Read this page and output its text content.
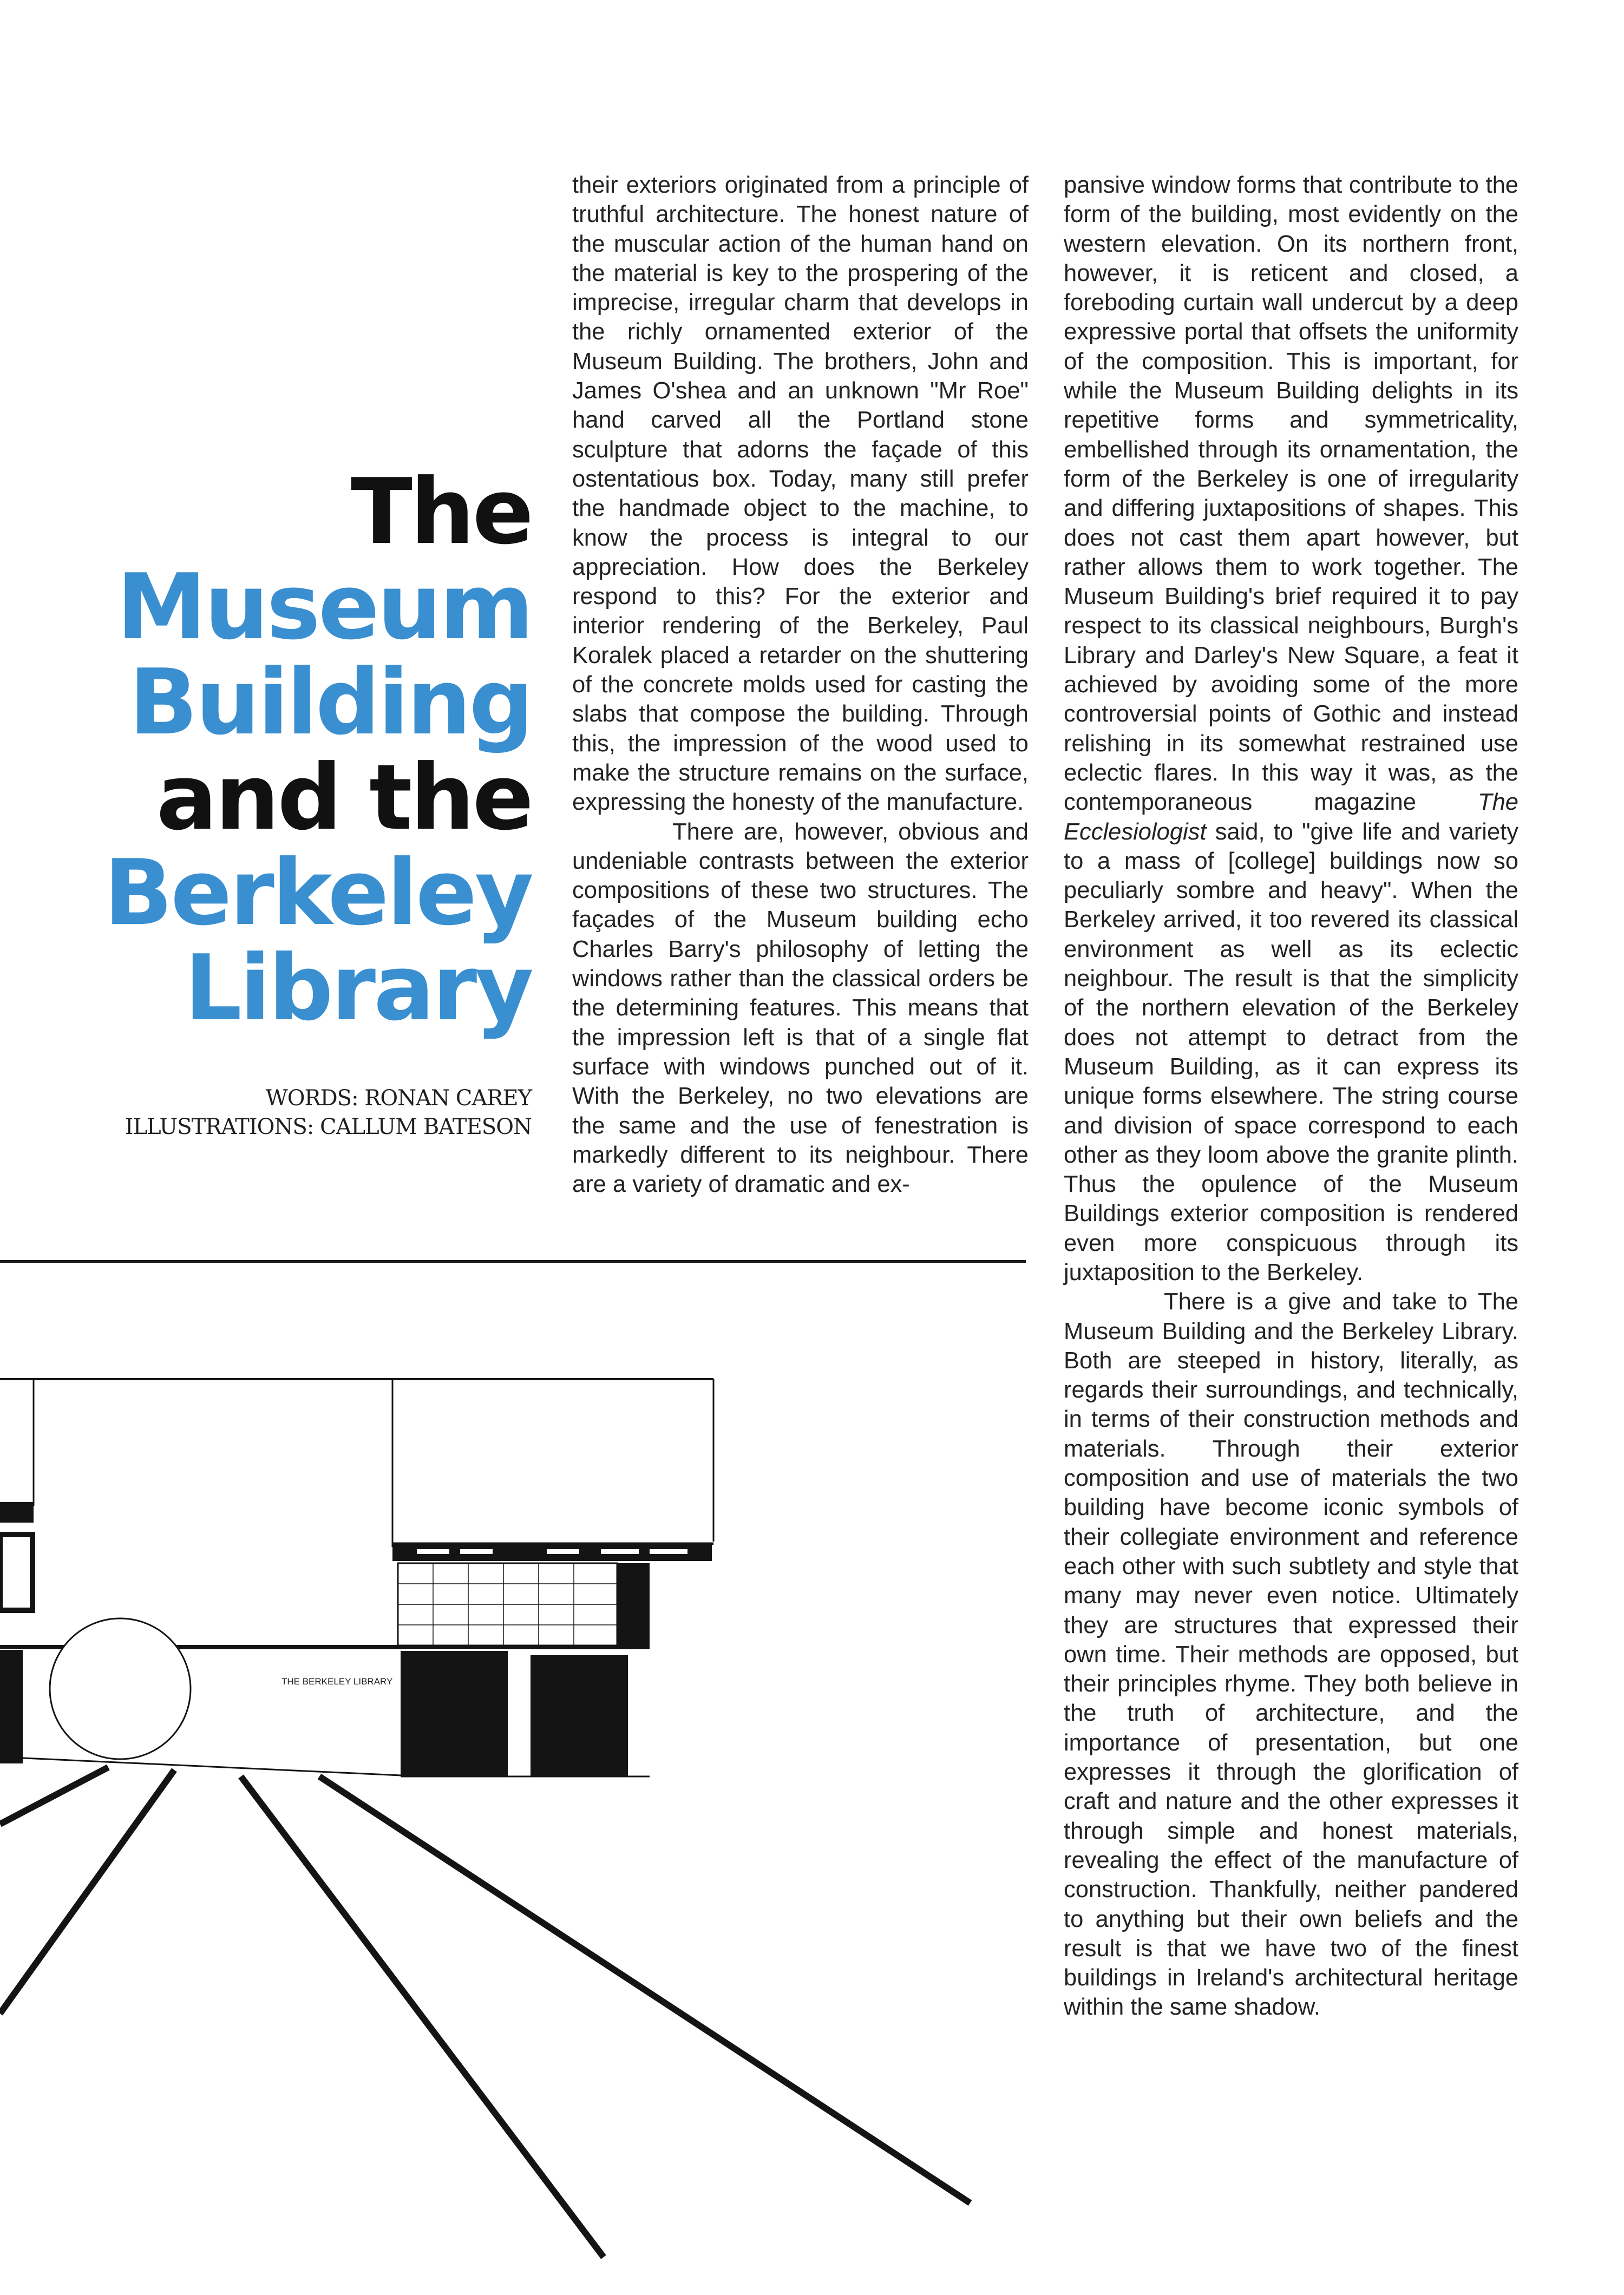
The
Museum
Building
and the
Berkeley
Library
WORDS: RONAN CAREY
ILLUSTRATIONS: CALLUM BATESON

their exteriors originated from a principle of truthful architecture. The honest nature of the muscular action of the human hand on the material is key to the prospering of the imprecise, irregular charm that develops in the richly ornamented exterior of the Museum Building. The brothers, John and James O'shea and an unknown "Mr Roe" hand carved all the Portland stone sculpture that adorns the façade of this ostentatious box. Today, many still prefer the handmade object to the machine, to know the process is integral to our appreciation. How does the Berkeley respond to this? For the exterior and interior rendering of the Berkeley, Paul Koralek placed a retarder on the shuttering of the concrete molds used for casting the slabs that compose the building. Through this, the impression of the wood used to make the structure remains on the surface, expressing the honesty of the manufacture.

There are, however, obvious and undeniable contrasts between the exterior compositions of these two structures. The façades of the Museum building echo Charles Barry's philosophy of letting the windows rather than the classical orders be the determining features. This means that the impression left is that of a single flat surface with windows punched out of it. With the Berkeley, no two elevations are the same and the use of fenestration is markedly different to its neighbour. There are a variety of dramatic and ex-

pansive window forms that contribute to the form of the building, most evidently on the western elevation. On its northern front, however, it is reticent and closed, a foreboding curtain wall undercut by a deep expressive portal that offsets the uniformity of the composition. This is important, for while the Museum Building delights in its repetitive forms and symmetricality, embellished through its ornamentation, the form of the Berkeley is one of irregularity and differing juxtapositions of shapes. This does not cast them apart however, but rather allows them to work together. The Museum Building's brief required it to pay respect to its classical neighbours, Burgh's Library and Darley's New Square, a feat it achieved by avoiding some of the more controversial points of Gothic and instead relishing in its somewhat restrained use eclectic flares. In this way it was, as the contemporaneous magazine The Ecclesiologist said, to "give life and variety to a mass of [college] buildings now so peculiarly sombre and heavy". When the Berkeley arrived, it too revered its classical environment as well as its eclectic neighbour. The result is that the simplicity of the northern elevation of the Berkeley does not attempt to detract from the Museum Building, as it can express its unique forms elsewhere. The string course and division of space correspond to each other as they loom above the granite plinth. Thus the opulence of the Museum Buildings exterior composition is rendered even more conspicuous through its juxtaposition to the Berkeley.

There is a give and take to The Museum Building and the Berkeley Library. Both are steeped in history, literally, as regards their surroundings, and technically, in terms of their construction methods and materials. Through their exterior composition and use of materials the two building have become iconic symbols of their collegiate environment and reference each other with such subtlety and style that many may never even notice. Ultimately they are structures that expressed their own time. Their methods are opposed, but their principles rhyme. They both believe in the truth of architecture, and the importance of presentation, but one expresses it through the glorification of craft and nature and the other expresses it through simple and honest materials, revealing the effect of the manufacture of construction. Thankfully, neither pandered to anything but their own beliefs and the result is that we have two of the finest buildings in Ireland's architectural heritage within the same shadow.

THE BERKELEY LIBRARY
